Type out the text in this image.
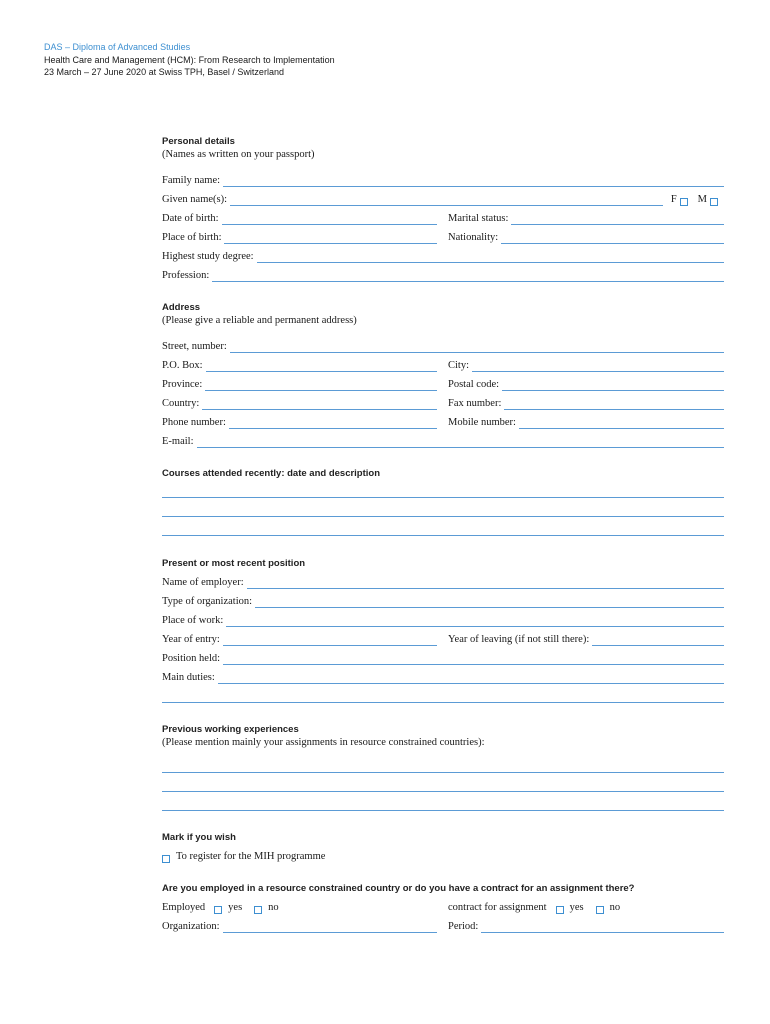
DAS – Diploma of Advanced Studies
Health Care and Management (HCM): From Research to Implementation
23 March – 27 June 2020 at Swiss TPH, Basel / Switzerland
Personal details
(Names as written on your passport)
Family name:
Given name(s):	F M
Date of birth:	Marital status:
Place of birth:	Nationality:
Highest study degree:
Profession:
Address
(Please give a reliable and permanent address)
Street, number:
P.O. Box:	City:
Province:	Postal code:
Country:	Fax number:
Phone number:	Mobile number:
E-mail:
Courses attended recently: date and description
Present or most recent position
Name of employer:
Type of organization:
Place of work:
Year of entry:	Year of leaving (if not still there):
Position held:
Main duties:
Previous working experiences
(Please mention mainly your assignments in resource constrained countries):
Mark if you wish
To register for the MIH programme
Are you employed in a resource constrained country or do you have a contract for an assignment there?
Employed yes no	contract for assignment yes no
Organization:	Period:
